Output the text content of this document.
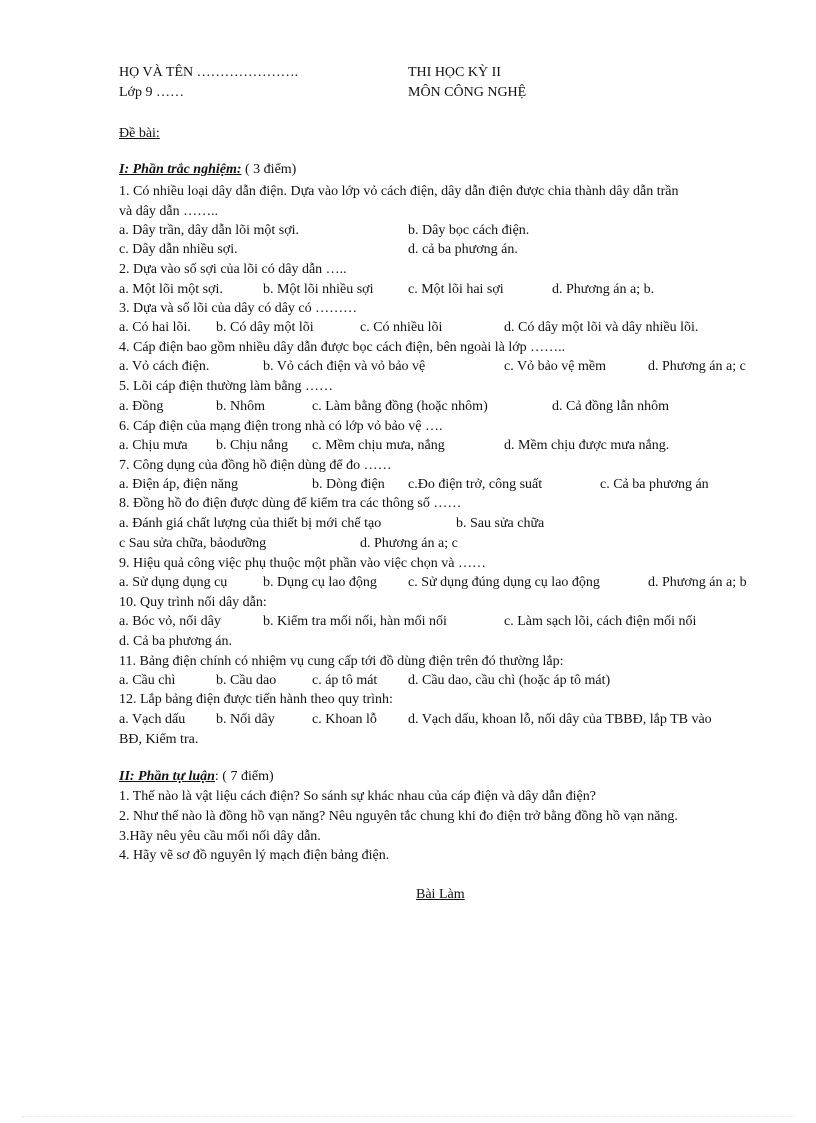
HỌ VÀ TÊN ………………….	THI HỌC KỲ II
Lớp 9 ……	MÔN CÔNG NGHỆ
Đề bài:
I: Phần trắc nghiệm: ( 3 điểm)
1. Có nhiều loại dây dẫn điện. Dựa vào lớp vỏ cách điện, dây dẫn điện được chia thành dây dẫn trần
và dây dẫn ……..
a. Dây trần, dây dẫn lõi một sợi.	b. Dây bọc cách điện.
c. Dây dẫn nhiều sợi.	d. cả ba phương án.
2. Dựa vào số sợi của lõi có dây dẫn …..
a. Một lõi một sợi.	b. Một lõi nhiều sợi c. Một lõi hai sợi	d. Phương án a; b.
3. Dựa và số lõi của dây có dây có ………
a. Có hai lõi. b. Có dây một lõi	c. Có nhiều lõi	d. Có dây một lõi và dây nhiều lõi.
4. Cáp điện bao gồm nhiều dây dẫn được bọc cách điện, bên ngoài là lớp ……..
a. Vỏ cách điện.	b. Vỏ cách điện và vỏ bảo vệ	c. Vỏ bảo vệ mềm	d. Phương án a; c
5. Lõi cáp điện thường làm bằng ……
a. Đồng	b. Nhôm	c. Làm bằng đồng (hoặc nhôm)	d. Cả đồng lẫn nhôm
6. Cáp điện của mạng điện trong nhà có lớp vỏ bảo vệ ….
a. Chịu mưa b. Chịu nắng c. Mềm chịu mưa, nắng	d. Mềm chịu được mưa nắng.
7. Công dụng của đồng hồ điện dùng để đo ……
a. Điện áp, điện năng	b. Dòng điện c.Đo điện trở, công suất	c. Cả ba phương án
8. Đồng hồ đo điện được dùng để kiểm tra các thông số ……
a. Đánh giá chất lượng của thiết bị mới chế tạo	b. Sau sửa chữa
c Sau sửa chữa, bảodưỡng	d. Phương án a; c
9. Hiệu quả công việc phụ thuộc một phần vào việc chọn và ……
a. Sử dụng dụng cụ	b. Dụng cụ lao động c. Sử dụng đúng dụng cụ lao động	d. Phương án a; b
10. Quy trình nối dây dẫn:
a. Bóc vỏ, nối dây	b. Kiểm tra mối nối, hàn mối nối	c. Làm sạch lõi, cách điện mối nối
d. Cả ba phương án.
11. Bảng điện chính có nhiệm vụ cung cấp tới đồ dùng điện trên đó thường lắp:
a. Cầu chì	b. Cầu dao	c. áp tô mát d. Cầu dao, cầu chì (hoặc áp tô mát)
12. Lắp bảng điện được tiến hành theo quy trình:
a. Vạch dấu b. Nối dây	c. Khoan lỗ d. Vạch dấu, khoan lỗ, nối dây của TBBĐ, lắp TB vào
BĐ, Kiểm tra.
II: Phần tự luận: ( 7 điểm)
1. Thế nào là vật liệu cách điện? So sánh sự khác nhau của cáp điện và dây dẫn điện?
2. Như thế nào là đồng hồ vạn năng? Nêu nguyên tắc chung khi đo điện trở bằng đồng hồ vạn năng.
3.Hãy nêu yêu cầu mối nối dây dẫn.
4. Hãy vẽ sơ đồ nguyên lý mạch điện bảng điện.
Bài Làm
